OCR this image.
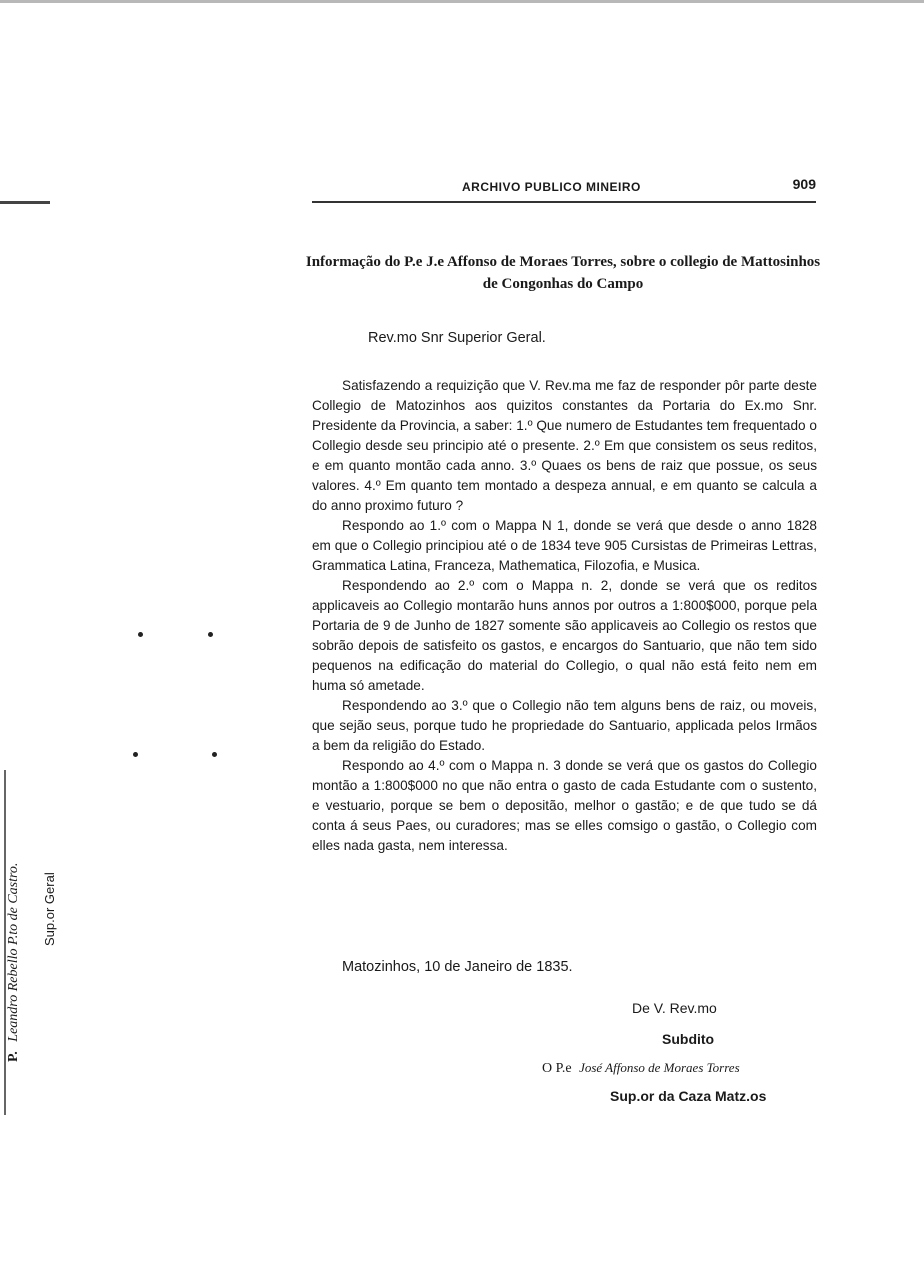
ARCHIVO PUBLICO MINEIRO	909
Informação do P.e J.e Affonso de Moraes Torres, sobre o collegio de Mattosinhos de Congonhas do Campo
Rev.mo Snr Superior Geral.

Satisfazendo a requizição que V. Rev.ma me faz de responder pôr parte deste Collegio de Matozinhos aos quizitos constantes da Portaria do Ex.mo Snr. Presidente da Provincia, a saber: 1.º Que numero de Estudantes tem frequentado o Collegio desde seu principio até o presente. 2.º Em que consistem os seus reditos, e em quanto montão cada anno. 3.º Quaes os bens de raiz que possue, os seus valores. 4.º Em quanto tem montado a despeza annual, e em quanto se calcula a do anno proximo futuro ?

Respondo ao 1.º com o Mappa N 1, donde se verá que desde o anno 1828 em que o Collegio principiou até o de 1834 teve 905 Cursistas de Primeiras Lettras, Grammatica Latina, Franceza, Mathematica, Filozofia, e Musica.

Respondendo ao 2.º com o Mappa n. 2, donde se verá que os reditos applicaveis ao Collegio montarão huns annos por outros a 1:800$000, porque pela Portaria de 9 de Junho de 1827 somente são applicaveis ao Collegio os restos que sobrão depois de satisfeito os gastos, e encargos do Santuario, que não tem sido pequenos na edificação do material do Collegio, o qual não está feito nem em huma só ametade.

Respondendo ao 3.º que o Collegio não tem alguns bens de raiz, ou moveis, que sejão seus, porque tudo he propriedade do Santuario, applicada pelos Irmãos a bem da religião do Estado.

Respondo ao 4.º com o Mappa n. 3 donde se verá que os gastos do Collegio montão a 1:800$000 no que não entra o gasto de cada Estudante com o sustento, e vestuario, porque se bem o depositão, melhor o gastão; e de que tudo se dá conta á seus Paes, ou curadores; mas se elles comsigo o gastão, o Collegio com elles nada gasta, nem interessa.

Matozinhos, 10 de Janeiro de 1835.
De V. Rev.mo
Subdito
O P.e José Affonso de Moraes Torres
Sup.or da Caza Matz.os
P. Leandro Rebello P.to de Castro. Sup.or Geral
